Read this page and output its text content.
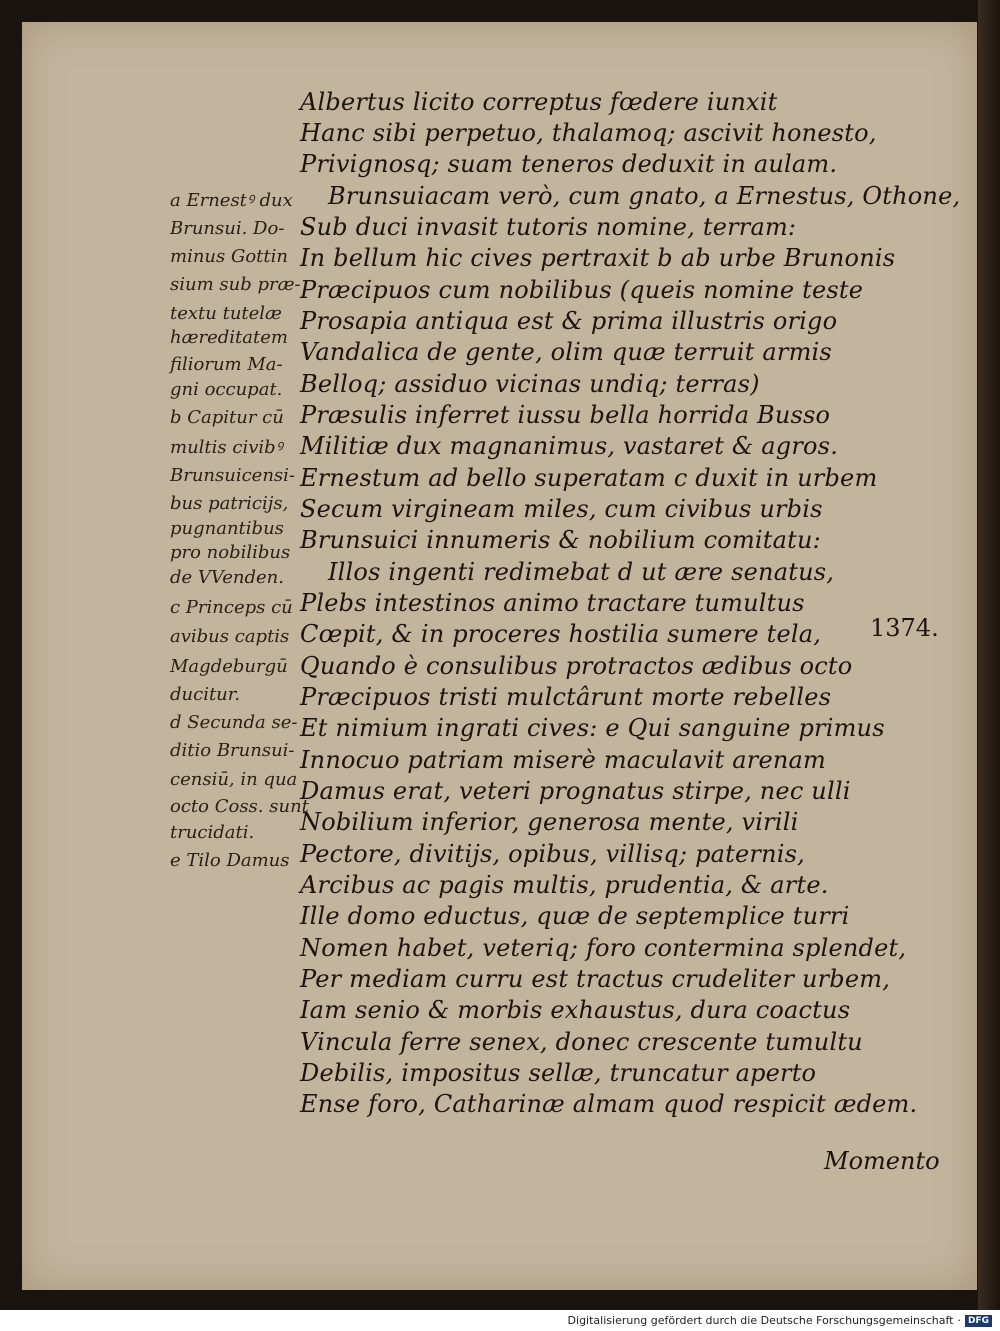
Albertus licito correptus fœdere iunxit

Hanc sibi perpetuo, thalamoq; ascivit honesto,

Privignosq; suam teneros deduxit in aulam.

Brunsuiacam verò, cum gnato, a Ernestus, Othone,

Sub duci invasit tutoris nomine, terram:

In bellum hic cives pertraxit b ab urbe Brunonis

Præcipuos cum nobilibus (queis nomine teste

Prosapia antiqua est & prima illustris origo

Vandalica de gente, olim quæ terruit armis

Belloq; assiduo vicinas undiq; terras)

Præsulis inferret iussu bella horrida Busso

Militiæ dux magnanimus, vastaret & agros.

Ernestum ad bello superatam c duxit in urbem

Secum virgineam miles, cum civibus urbis

Brunsuici innumeris & nobilium comitatu:

Illos ingenti redimebat d ut ære senatus,

Plebs intestinos animo tractare tumultus

Cœpit, & in proceres hostilia sumere tela,

Quando è consulibus protractos ædibus octo

Præcipuos tristi mulctârunt morte rebelles

Et nimium ingrati cives: e Qui sanguine primus

Innocuo patriam miserè maculavit arenam

Damus erat, veteri prognatus stirpe, nec ulli

Nobilium inferior, generosa mente, virili

Pectore, divitijs, opibus, villisq; paternis,

Arcibus ac pagis multis, prudentia, & arte.

Ille domo eductus, quæ de septemplice turri

Nomen habet, veteriq; foro contermina splendet,

Per mediam curru est tractus crudeliter urbem,

Iam senio & morbis exhaustus, dura coactus

Vincula ferre senex, donec crescente tumultu

Debilis, impositus sellæ, truncatur aperto

Ense foro, Catharinæ almam quod respicit ædem.

a Ernestꝰ dux

Brunsui. Do-

minus Gottin

sium sub præ-

textu tutelæ

hæreditatem

filiorum Ma-

gni occupat.

b Capitur cū

multis civibꝰ

Brunsuicensi-

bus patricijs,

pugnantibus

pro nobilibus

de VVenden.

c Princeps cū

avibus captis

Magdeburgū

ducitur.

d Secunda se-

ditio Brunsui-

censiū, in qua

octo Coss. sunt

trucidati.

e Tilo Damus

1374.
Momento
Digitalisierung gefördert durch die Deutsche Forschungsgemeinschaft · DFG
